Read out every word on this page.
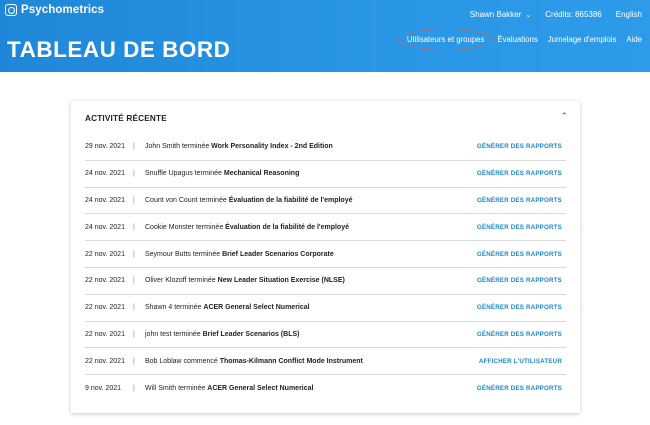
Psychometrics	Shawn Bakker ⌄ Crédits: 865386 English
TABLEAU DE BORD	Utilisateurs et groupes	Évaluations Jumelage d'emplois Aide
ACTIVITÉ RÉCENTE	⌃
29 nov. 2021	|	John Smith terminée Work Personality Index - 2nd Edition	GÉNÉRER DES RAPPORTS
24 nov. 2021	|	Snuffle Upagus terminée Mechanical Reasoning	GÉNÉRER DES RAPPORTS
24 nov. 2021	|	Count von Count terminée Évaluation de la fiabilité de l'employé	GÉNÉRER DES RAPPORTS
24 nov. 2021	|	Cookie Monster terminée Évaluation de la fiabilité de l'employé	GÉNÉRER DES RAPPORTS
22 nov. 2021	|	Seymour Butts terminée Brief Leader Scenarios Corporate	GÉNÉRER DES RAPPORTS
22 nov. 2021	|	Oliver Klozoff terminée New Leader Situation Exercise (NLSE)	GÉNÉRER DES RAPPORTS
22 nov. 2021	|	Shawn 4 terminée ACER General Select Numerical	GÉNÉRER DES RAPPORTS
22 nov. 2021	|	john test terminée Brief Leader Scenarios (BLS)	GÉNÉRER DES RAPPORTS
22 nov. 2021	|	Bob Loblaw commencé Thomas-Kilmann Conflict Mode Instrument	AFFICHER L'UTILISATEUR
9 nov. 2021	|	Will Smith terminée ACER General Select Numerical	GÉNÉRER DES RAPPORTS
